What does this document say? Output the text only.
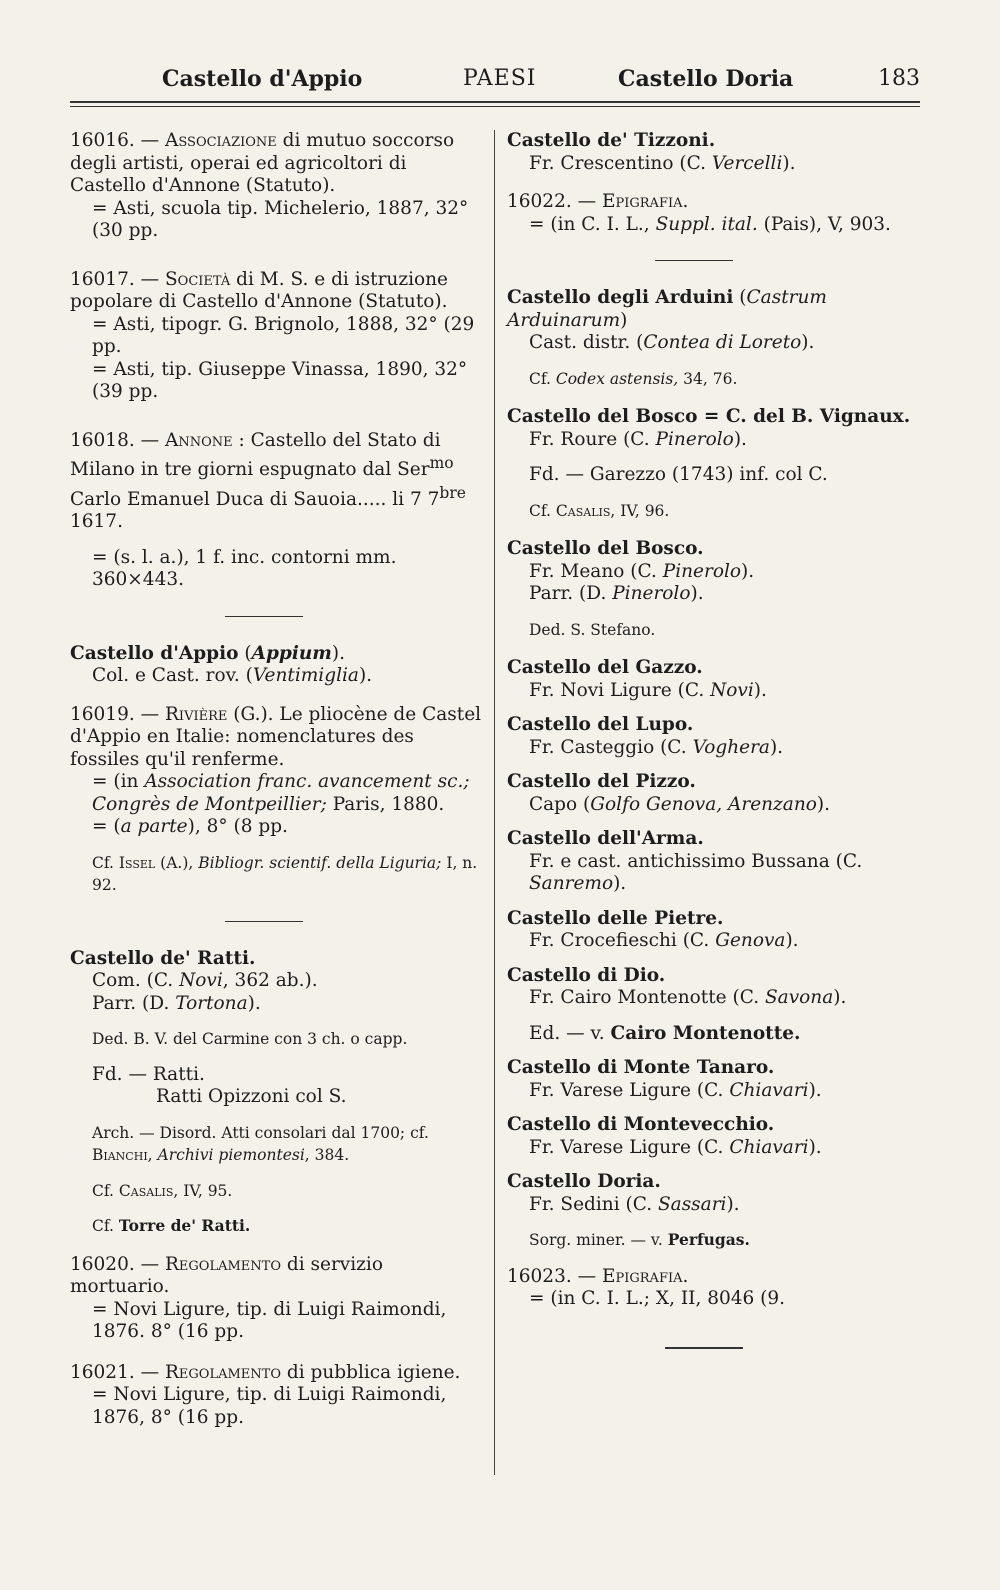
Castello d'Appio	PAESI	Castello Doria	183

16016. — Associazione di mutuo soccorso degli artisti, operai ed agricoltori di Castello d'Annone (Statuto).

= Asti, scuola tip. Michelerio, 1887, 32° (30 pp.

16017. — Società di M. S. e di istruzione popolare di Castello d'Annone (Statuto).

= Asti, tipogr. G. Brignolo, 1888, 32° (29 pp.

= Asti, tip. Giuseppe Vinassa, 1890, 32° (39 pp.

16018. — Annone : Castello del Stato di Milano in tre giorni espugnato dal Ser$^{mo}$ Carlo Emanuel Duca di Sauoia..... li 7 $7^{bre}$ 1617.

= (s. l. a.), 1 f. inc. contorni mm. 360×443.

Castello d'Appio (Appium).

Col. e Cast. rov. (Ventimiglia).

16019. — Rivière (G.). Le pliocène de Castel d'Appio en Italie: nomenclatures des fossiles qu'il renferme.

= (in Association franc. avancement sc.; Congrès de Montpeillier; Paris, 1880.

= (a parte), 8° (8 pp.

Cf. Issel (A.), Bibliogr. scientif. della Liguria; I, n. 92.

Castello de' Ratti.

Com. (C. Novi, 362 ab.).

Parr. (D. Tortona).

Ded. B. V. del Carmine con 3 ch. o capp.

Fd. — Ratti.

Ratti Opizzoni col S.

Arch. — Disord. Atti consolari dal 1700; cf. Bianchi, Archivi piemontesi, 384.

Cf. Casalis, IV, 95.

Cf. Torre de' Ratti.

16020. — Regolamento di servizio mortuario.

= Novi Ligure, tip. di Luigi Raimondi, 1876. 8° (16 pp.

16021. — Regolamento di pubblica igiene.

= Novi Ligure, tip. di Luigi Raimondi, 1876, 8° (16 pp.

Castello de' Tizzoni.

Fr. Crescentino (C. Vercelli).

16022. — Epigrafia.

= (in C. I. L., Suppl. ital. (Pais), V, 903.

Castello degli Arduini (Castrum Arduinarum)

Cast. distr. (Contea di Loreto).

Cf. Codex astensis, 34, 76.

Castello del Bosco = C. del B. Vignaux.

Fr. Roure (C. Pinerolo).

Fd. — Garezzo (1743) inf. col C.

Cf. Casalis, IV, 96.

Castello del Bosco.

Fr. Meano (C. Pinerolo).

Parr. (D. Pinerolo).

Ded. S. Stefano.

Castello del Gazzo.

Fr. Novi Ligure (C. Novi).

Castello del Lupo.

Fr. Casteggio (C. Voghera).

Castello del Pizzo.

Capo (Golfo Genova, Arenzano).

Castello dell'Arma.

Fr. e cast. antichissimo Bussana (C. Sanremo).

Castello delle Pietre.

Fr. Crocefieschi (C. Genova).

Castello di Dio.

Fr. Cairo Montenotte (C. Savona).

Ed. — v. Cairo Montenotte.

Castello di Monte Tanaro.

Fr. Varese Ligure (C. Chiavari).

Castello di Montevecchio.

Fr. Varese Ligure (C. Chiavari).

Castello Doria.

Fr. Sedini (C. Sassari).

Sorg. miner. — v. Perfugas.

16023. — Epigrafia.

= (in C. I. L.; X, II, 8046 (9.
